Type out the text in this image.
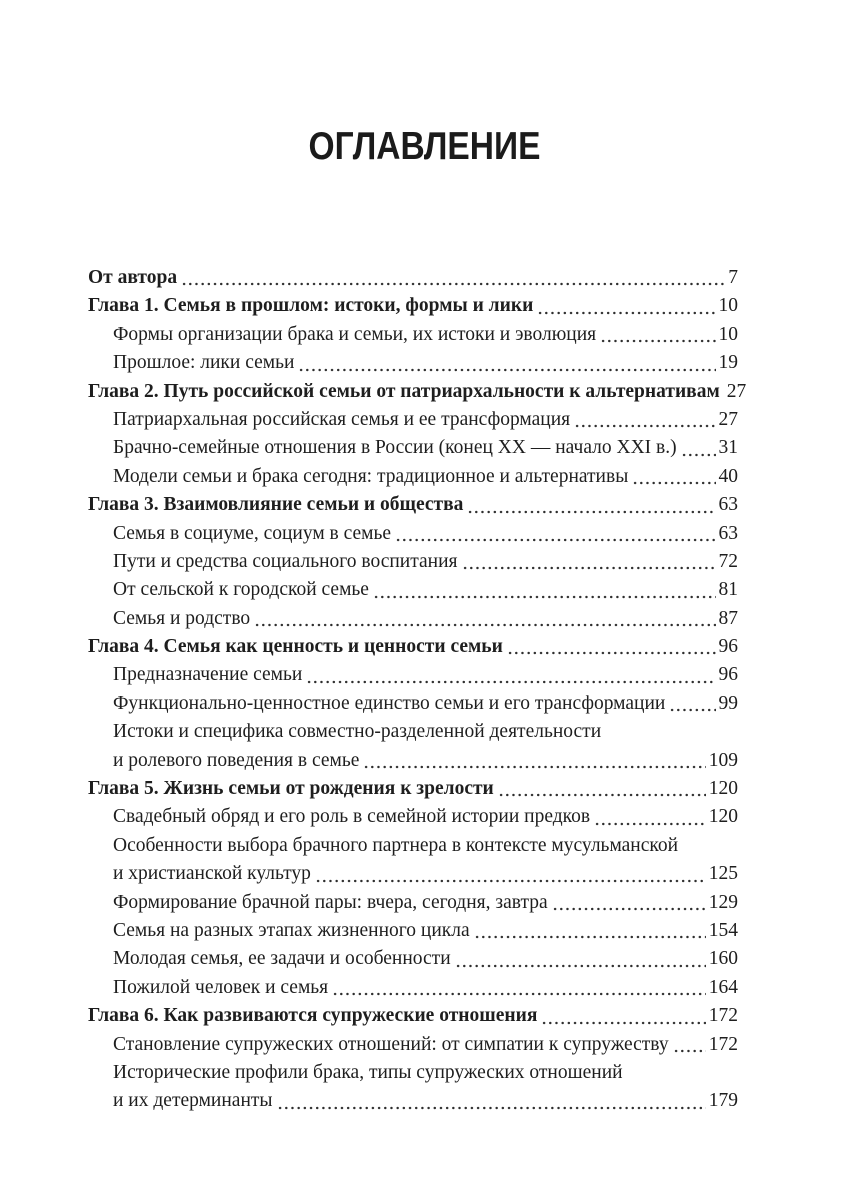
ОГЛАВЛЕНИЕ
От автора	7
Глава 1. Семья в прошлом: истоки, формы и лики	10
Формы организации брака и семьи, их истоки и эволюция	10
Прошлое: лики семьи	19
Глава 2. Путь российской семьи от патриархальности к альтернативам 27
Патриархальная российская семья и ее трансформация	27
Брачно-семейные отношения в России (конец XX — начало XXI в.) 31
Модели семьи и брака сегодня: традиционное и альтернативы	40
Глава 3. Взаимовлияние семьи и общества	63
Семья в социуме, социум в семье	63
Пути и средства социального воспитания	72
От сельской к городской семье	81
Семья и родство	87
Глава 4. Семья как ценность и ценности семьи	96
Предназначение семьи	96
Функционально-ценностное единство семьи и его трансформации	99
Истоки и специфика совместно-разделенной деятельности
и ролевого поведения в семье	109
Глава 5. Жизнь семьи от рождения к зрелости	120
Свадебный обряд и его роль в семейной истории предков	120
Особенности выбора брачного партнера в контексте мусульманской
и христианской культур	125
Формирование брачной пары: вчера, сегодня, завтра	129
Семья на разных этапах жизненного цикла	154
Молодая семья, ее задачи и особенности	160
Пожилой человек и семья	164
Глава 6. Как развиваются супружеские отношения	172
Становление супружеских отношений: от симпатии к супружеству 172
Исторические профили брака, типы супружеских отношений
и их детерминанты	179
